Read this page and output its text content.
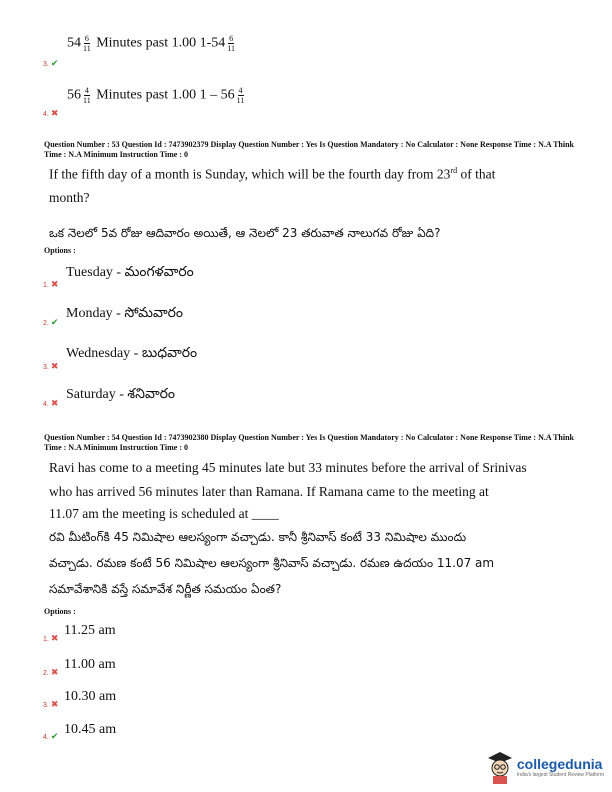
$54 \frac{6}{11}$ Minutes past 1.00 $1-54 \frac{6}{11}$
3. ✔
$56 \frac{4}{11}$ Minutes past 1.00 $1 - 56 \frac{4}{11}$
4. ✖
Question Number : 53 Question Id : 7473902379 Display Question Number : Yes Is Question Mandatory : No Calculator : None Response Time : N.A Think Time : N.A Minimum Instruction Time : 0
If the fifth day of a month is Sunday, which will be the fourth day from 23rd of that
month?
ఒక నెలలో 5వ రోజు ఆదివారం అయితే, ఆ నెలలో 23 తరువాత నాలుగవ రోజు ఏది?
Options :
Tuesday - మంగళవారం
1. ✖
Monday - సోమవారం
2. ✔
Wednesday - బుధవారం
3. ✖
Saturday - శనివారం
4. ✖
Question Number : 54 Question Id : 7473902380 Display Question Number : Yes Is Question Mandatory : No Calculator : None Response Time : N.A Think Time : N.A Minimum Instruction Time : 0
Ravi has come to a meeting 45 minutes late but 33 minutes before the arrival of Srinivas
who has arrived 56 minutes later than Ramana. If Ramana came to the meeting at
11.07 am the meeting is scheduled at ____
రవి మీటింగ్‌కి 45 నిమిషాల ఆలస్యంగా వచ్చాడు. కానీ శ్రీనివాస్ కంటే 33 నిమిషాల ముందు
వచ్చాడు. రమణ కంటే 56 నిమిషాల ఆలస్యంగా శ్రీనివాస్ వచ్చాడు. రమణ ఉదయం 11.07 am
సమావేశానికి వస్తే సమావేశ నిర్ణీత సమయం ఏంత?
Options :
11.25 am
1. ✖
11.00 am
2. ✖
10.30 am
3. ✖
10.45 am
4. ✔
collegedunia
India's largest Student Review Platform
